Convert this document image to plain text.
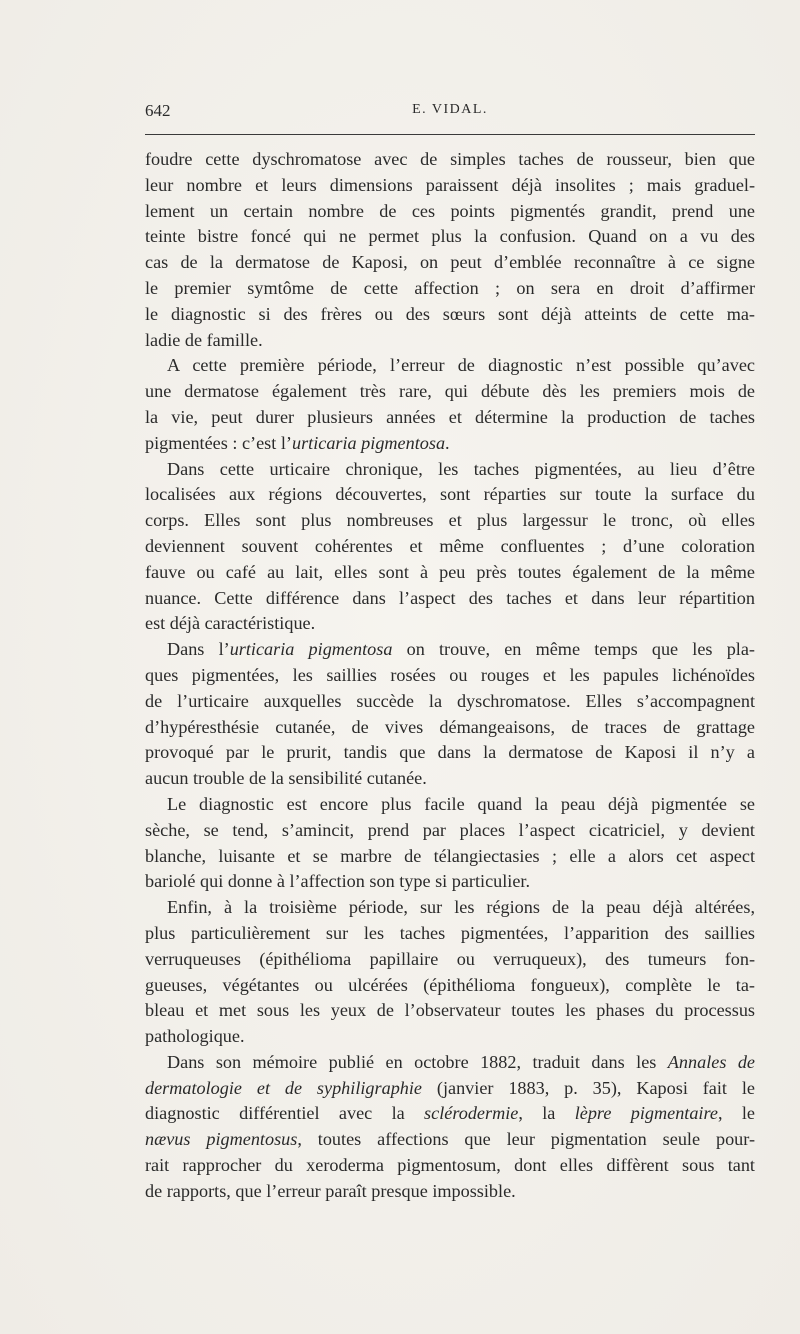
642	E. VIDAL.
foudre cette dyschromatose avec de simples taches de rousseur, bien que
leur nombre et leurs dimensions paraissent déjà insolites ; mais graduel-
lement un certain nombre de ces points pigmentés grandit, prend une
teinte bistre foncé qui ne permet plus la confusion. Quand on a vu des
cas de la dermatose de Kaposi, on peut d’emblée reconnaître à ce signe
le premier symtôme de cette affection ; on sera en droit d’affirmer
le diagnostic si des frères ou des sœurs sont déjà atteints de cette ma-
ladie de famille.
A cette première période, l’erreur de diagnostic n’est possible qu’avec
une dermatose également très rare, qui débute dès les premiers mois de
la vie, peut durer plusieurs années et détermine la production de taches
pigmentées : c’est l’urticaria pigmentosa.
Dans cette urticaire chronique, les taches pigmentées, au lieu d’être
localisées aux régions découvertes, sont réparties sur toute la surface du
corps. Elles sont plus nombreuses et plus largessur le tronc, où elles
deviennent souvent cohérentes et même confluentes ; d’une coloration
fauve ou café au lait, elles sont à peu près toutes également de la même
nuance. Cette différence dans l’aspect des taches et dans leur répartition
est déjà caractéristique.
Dans l’urticaria pigmentosa on trouve, en même temps que les pla-
ques pigmentées, les saillies rosées ou rouges et les papules lichénoïdes
de l’urticaire auxquelles succède la dyschromatose. Elles s’accompagnent
d’hypéresthésie cutanée, de vives démangeaisons, de traces de grattage
provoqué par le prurit, tandis que dans la dermatose de Kaposi il n’y a
aucun trouble de la sensibilité cutanée.
Le diagnostic est encore plus facile quand la peau déjà pigmentée se
sèche, se tend, s’amincit, prend par places l’aspect cicatriciel, y devient
blanche, luisante et se marbre de télangiectasies ; elle a alors cet aspect
bariolé qui donne à l’affection son type si particulier.
Enfin, à la troisième période, sur les régions de la peau déjà altérées,
plus particulièrement sur les taches pigmentées, l’apparition des saillies
verruqueuses (épithélioma papillaire ou verruqueux), des tumeurs fon-
gueuses, végétantes ou ulcérées (épithélioma fongueux), complète le ta-
bleau et met sous les yeux de l’observateur toutes les phases du processus
pathologique.
Dans son mémoire publié en octobre 1882, traduit dans les Annales de
dermatologie et de syphiligraphie (janvier 1883, p. 35), Kaposi fait le
diagnostic différentiel avec la sclérodermie, la lèpre pigmentaire, le
nævus pigmentosus, toutes affections que leur pigmentation seule pour-
rait rapprocher du xeroderma pigmentosum, dont elles diffèrent sous tant
de rapports, que l’erreur paraît presque impossible.
